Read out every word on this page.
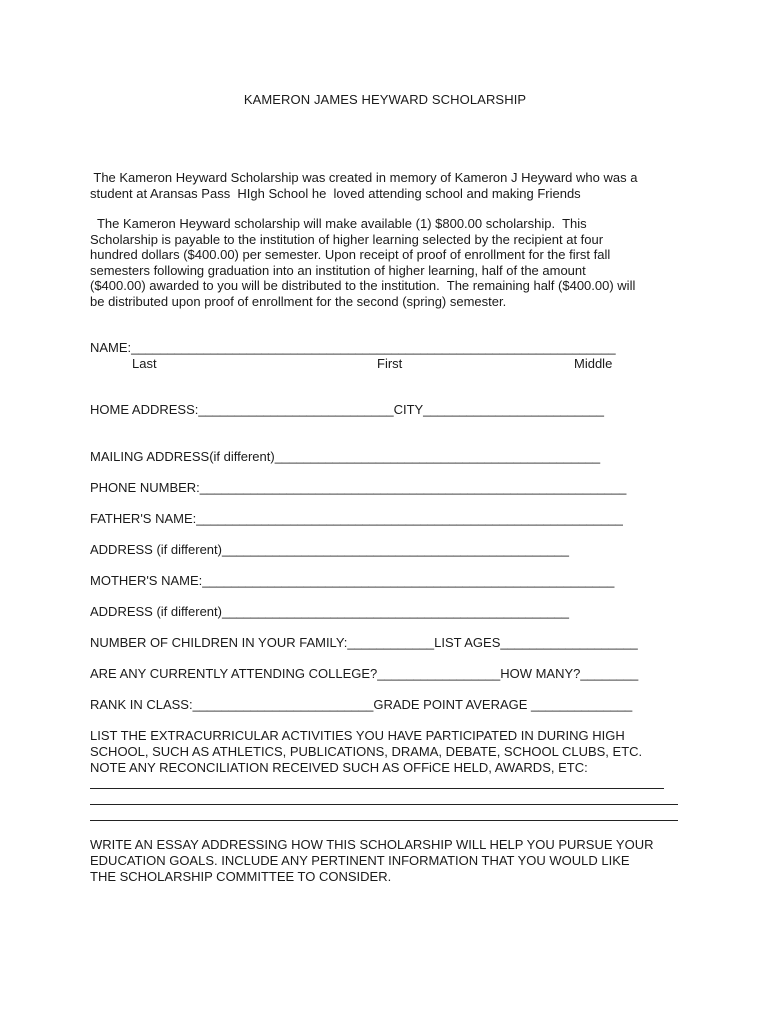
KAMERON JAMES HEYWARD SCHOLARSHIP

The Kameron Heyward Scholarship was created in memory of Kameron J Heyward who was a
student at Aransas Pass  HIgh School he  loved attending school and making Friends

The Kameron Heyward scholarship will make available (1) $800.00 scholarship.  This
Scholarship is payable to the institution of higher learning selected by the recipient at four
hundred dollars ($400.00) per semester. Upon receipt of proof of enrollment for the first fall
semesters following graduation into an institution of higher learning, half of the amount
($400.00) awarded to you will be distributed to the institution.  The remaining half ($400.00) will
be distributed upon proof of enrollment for the second (spring) semester.

NAME:___________________________________________________________________
Last	First	Middle
HOME ADDRESS:___________________________CITY_________________________
MAILING ADDRESS(if different)_____________________________________________
PHONE NUMBER:___________________________________________________________
FATHER'S NAME:___________________________________________________________
ADDRESS (if different)________________________________________________
MOTHER'S NAME:_________________________________________________________
ADDRESS (if different)________________________________________________
NUMBER OF CHILDREN IN YOUR FAMILY:____________LIST AGES___________________
ARE ANY CURRENTLY ATTENDING COLLEGE?_________________HOW MANY?________
RANK IN CLASS:_________________________GRADE POINT AVERAGE ______________

LIST THE EXTRACURRICULAR ACTIVITIES YOU HAVE PARTICIPATED IN DURING HIGH
SCHOOL, SUCH AS ATHLETICS, PUBLICATIONS, DRAMA, DEBATE, SCHOOL CLUBS, ETC.
NOTE ANY RECONCILIATION RECEIVED SUCH AS OFFiCE HELD, AWARDS, ETC:

WRITE AN ESSAY ADDRESSING HOW THIS SCHOLARSHIP WILL HELP YOU PURSUE YOUR
EDUCATION GOALS. INCLUDE ANY PERTINENT INFORMATION THAT YOU WOULD LIKE
THE SCHOLARSHIP COMMITTEE TO CONSIDER.
